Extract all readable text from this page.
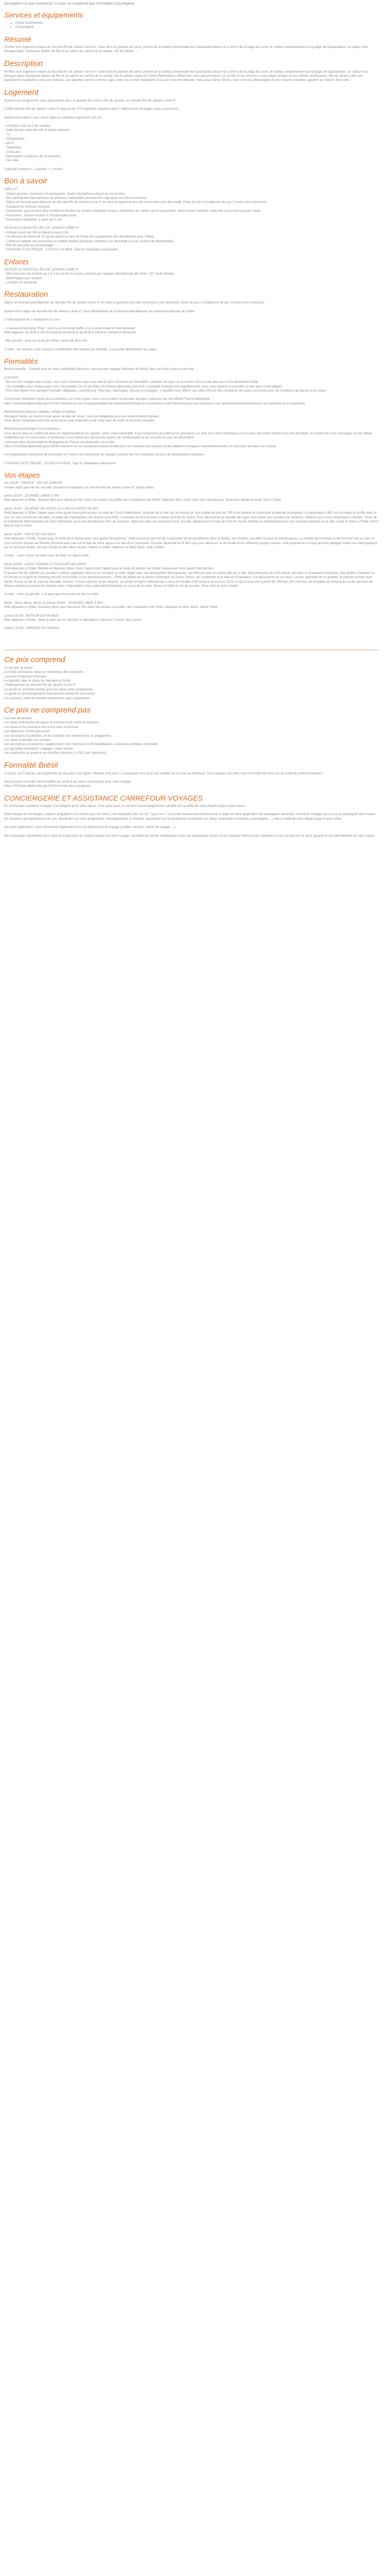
Description Ce prix comprend / Ce prix ne comprend pas Formalités Conciergerie

Services et équipements
• Guide francophone
• Conciergerie
Résumé

Profitez d'un logement unique au Novotel Rio de Janeiro Leme 4*, situé dans le quartier de Leme, proche de la célèbre promenade de Copacabana Beach et à 100 m de la plage de Leme, le meilleur emplacement sur la plage de Copacabana. Ce séjour vous plongera dans l'ambiance festive de Rio et sa culture au rythme de la samba ! De la célèbre ...

Description

Profitez d'un logement unique au Novotel Rio de Janeiro Leme 4*, situé dans le quartier de Leme, proche de la célèbre promenade de Copacabana Beach et à 100 m de la plage de Leme, le meilleur emplacement sur la plage de Copacabana. Ce séjour vous plongera dans l'ambiance festive de Rio et sa culture au rythme de la samba ! De la célèbre statue du Christ Rédempteur, offrant des vues panoramiques sur la ville et ses environs à ses plages dorées et ses collines verdoyantes, Rio de Janeiro offre une expérience inoubliable à tous ses visiteurs. Les quartiers animés comme Lapa, avec ses arches historiques et sa vie nocturne vibrante, mais aussi Santa Teresa, avec ses rues pittoresques et ses maisons colorées, ajoutent au charme de la ville !

Logement

Durant votre programme vous séjournerez dans le quartier de Leme à Rio de Janeiro, au Novotel Rio de Janeiro Leme 4*.

L'hôtel Novotel Rio de Janeiro Leme 4* dispose de 274 chambres réparties dans 1 bâtiment de 19 étages (avec ascenseur).

Durant votre séjour, vous serez logés en chambre supérieure (22 m²) :

- Lit Queen size ou 2 lits simples.
- Salle de bain avec douche et sèche-cheveux.
- TV.
- Climatisation.
- Wi-Fi.
- Téléphone.
- Coffre-fort.
- Nécessaire à repasser (fer et planche).
- Vue ville.

Capacité maximum : 2 adultes + 1 enfant.

Bon à savoir

CIRCUIT :
- Départ garantis, maximum 10 participants. Guide francophone durant les excursions.
- Des participants francophones de plusieurs nationalités peuvent être regroupés lors des excursions.
- Séjour en formule petit-déjeuner au Novotel Rio de Janeiro Leme 4* et selon programme lors des excursions (voir descriptif). Dîner du jour 4 et déjeuner du jour 5 inclus (hors boissons).
- Transport en véhicule climatisé.
- Programme type pouvant être modifié en fonction de certains impératifs locaux, néanmoins les visites seront respectées. Selon le jour d'arrivée, ordre des excursions pouvant varier.
- Pourboires : prévoir environ 5 USD/jour/personne.
- Excursions réalisables à partir de 5 ans.

SÉJOUR AU NOVOTEL RIO DE JANEIRO LEME 4* :
- Arrivée à partir de 14h et départ jusqu'à 12h.
- Le véhicule de moins de 15 kg est admis au sein de l'hôtel (en supplément, voir directement avec l'hôtel).
- L'hôtel est adapté aux personnes à mobilité réduite (quelques chambres sur demande et sous réserve de disponibilité).
- Prêt de serviette de piscine/plage.
- COURANT ELECTRIQUE : 127/220 V et 60Hz. Type N. Adaptateur nécessaire.

Enfants

SÉJOUR AU NOVOTEL RIO DE JANEIRO LEME 4* :
- Mini-club pour les enfants de 0 à 3 ans et de 3 à 6 ans, encadré par l'équipe internationale de l'hôtel, 7j/7, toute l'année.
- Bibliothèque pour enfants.
- Lit bébé sur demande.

Restauration

Séjour en formule petit-déjeuner au Novotel Rio de Janeiro Leme 4* et selon programme lors des excursions (voir descriptif). Dîner du jour 2 et déjeuner du jour 3 inclus (hors boissons).

Durant votre séjour au Novotel Rio de Janeiro Leme 4*, vous bénéficierez de la formule petit-déjeuner au restaurant principal de l'hôtel.

L'hôtel dispose de 1 restaurant et 1 bar :

- 1 restaurant principal "Poty", servi sous forme de buffet, à la cuisine locale et internationale.
Petit-déjeuner de 6h30 à 10h du lundi au vendredi et de 6h30 à 10h30 le samedi et dimanche.

- Bar piscine : situé sur le toit de l'hôtel, ouvert de 9h à 21h.

A noter : les horaires sont soumis à modification directement par l'hôtelier, à consulter directement sur place.

Formalités

Bonne nouvelle : Compte tenu de votre nationalité française, vous pouvez voyager librement au Brésil, que soit votre schéma vaccinal.

A NOTER
- En cas d'un voyage avec escale, nous vous informons que vous devrez être conforme aux formalités sanitaires du pays où se trouve votre escale ainsi que votre destination finale.
- Les modalités pour chaque pays sont consultables sur le site https://XXXwww.diplomatie.gouv.fr/fr/ L'actualité évoluant très régulièrement, nous vous invitons à consulter ce lien avant votre départ.
- Pour tout départ d'un aéroport frontalier (Belgique, Luxembourg, Pays-Bas, Allemagne, Suisse ou Espagne...), veuillez vous référer aux sites officiels des ministères des pays concernés pour les conditions de départ et de retour.

Concernant l'éventuel impact du Coronavirus sur votre séjour, nous vous invitons à consulter la page ci-dessous du site officiel France Diplomatie :
https://XXXwww.diplomatie.gouv.fr/fr/le-ministere-et-son-reseau/actualites-du-ministere/informations-coronavirus-covid-19/coronavirus-les-reponses-a-vos-questions/article/coronavirus-les-reponses-a-vos-questions

Ressortissants français (adultes, enfants et bébés) :
Passeport valide au moins 6 mois après la date de retour, visa non obligatoire pour les ressortissants français.
Vous devez impérativement être muni d'une carte d'identité ou de votre acte de sortie du territoire brésilien.

Ressortissant étrangers et bi-nationaux :
Vous devrez être en conformité avec les réglementations en vigueur, selon votre nationalité. Il est notamment possible qu'un passeport, un visa, une carte touristique ou tout autre document officiel vous soit demandé. Il convient de vous renseigner sur les délais d'obtention de ces documents et d'effectuer vous-même ses démarches auprès de l'ambassade ou du consulat du pays de destination.
L'annuaire des représentations étrangères en France est disponible via ce lien :
https://XXXwww.diplomatie.gouv.fr/fr/le-ministere-et-son-reseau/annuaires-et-adresses-du-ministere-de-l-europe-et-des-affaires-etrangeres-maee/ambassades-et-consulats-etrangers-en-france/

Il est également nécessaire de contracter en France une assurance de voyage couvrant les frais médicaux et ceux de rapatriement sanitaires.

COURANT ELECTRIQUE : 127/220 V et 60Hz. Type N. Adaptateur nécessaire.

Vos étapes

1er JOUR : FRANCE - RIO DE JANEIRO
Arrivée selon plan de vol. Accueil, transfert et installation au Novotel Rio de Janeiro Leme 4*. Repas libres.

2ème JOUR : JOURNÉE LIBRE À RIO
Petit-déjeuner à l'hôtel. Journée libre pour découvrir Rio selon vos envies ou profiter des installations de l'hôtel. Déjeuner libre. Dîner dans une churrascaria, restaurant barbecue local. Nuit à l'hôtel.

3ème JOUR : JOURNÉE DE VISITE À LA DÉCOUVERTE DE RIO
Petit-déjeuner à l'hôtel. Départ avec votre guide francophone pour la visite du Christ Rédempteur, symbole de la ville, qui se trouve sur une colline de plus de 700 m de hauteur et surplombe la baie de Guanabara. La panorama à 360° est à couper le souffle avec la vue sur une succession de baies, la plage de Copacabana, les favelas et la forêt. La montée se fera en train à travers la forêt de Tijuca. Puis, découverte du quartier de Lapa, arrêt photo aux escaliers de Selarons, célèbres pour leurs céramiques colorées. Visite de la Cathédrale Métropolitaine de Saint-Sébastien, qui a une architecture hors du commun. Déjeuner dans un restaurant local. Ensuite, départ pour la visite du Pain de Sucre, montée en téléphérique pour une vue panoramique de la ville, avant le retour à l'hôtel. Dîner libre et nuit à l'hôtel.

4ème JOUR : VISITE DE ROCINHA
Petit-déjeuner à l'hôtel. Départ pour la visite de la favela avec votre guide francophone. Cette excursion permet de comprendre la vie quotidienne dans la favela, son histoire, ses défis sociaux et économiques. La montée de la favela se fait en moto-taxi ou van, et vous pourrez évoluer au Mirante Rocinha avec vue sur la baie de votre séjour à la ville et le Corcovado. Ensuite, descente au fil des rues pour découvrir la vie locale et les différents projets sociaux. Une expérience en nous pourrez partager toutes vos interrogations sur la vie d'une favela, loin des clichés et des idées reçues. Retour à l'hôtel. Déjeuner et dîner libres. Nuit à l'hôtel.

A noter : selon le jour, la visite a lieu le matin ou l'après-midi.

5ème JOUR : SANTA TERESA ET ESCALIER SELARON
Petit-déjeuner à l'hôtel. Matinée et déjeuner libres. Dans l'après-midi, départ pour la visite du quartier de Santa Teresa avec votre guide francophone.
É quartier de Rio célèbre sur plusieurs collines (appelées Morros) et constitue un petit village avec une atmosphère décontractée, qui détonne avec le centre-ville de la ville. Des demeures du XIXe siècle, des bars et restaurants branchés, des ateliers d'artistes ou en encore et la ligne du tramway ont été conservées à son épanouissement... Point de départ de la maison historique de Santa Teresa, qui surplombe le la baie de Guanabara, à la découverte de ces lieux. Le plus agréable de ce quartier, le premier contact avec Santa Teresa se fait au haut de l'escalier Selaron. Il a été créé par Jorge Selarón, un artiste d'origine chilienne qui a vécu et travaillé à Rio jusqu'à sa mort en 2013, et qui a recouvert à partir de 1990 les 215 marches de l'escalier de céramiques et de carreaux de faïence colorés provenant du monde entier. Dégustation d'une spécialité brésilienne au cours de la visite. Retour à l'hôtel en fin de journée. Dîner libre et nuit à l'hôtel.

A noter : selon la période, il se peut que l'excursion ait lieu le matin.

6ème, 7ème, 8ème, 9ème et 10ème JOUR : JOURNÉE LIBRE À RIO
Petit-déjeuner à l'hôtel. Journées libres pour découvrir Rio selon vos envies ou profiter des installations de l'hôtel. Déjeuner et dîner libres. Nuit à l'hôtel.

11ème JOUR : RETOUR EN FRANCE
Petit-déjeuner à l'hôtel. Selon le plan de vol, transfert à l'aéroport et retour en France. Nuit à bord.

12ème JOUR : ARRIVÉE EN FRANCE

Ce prix comprend

Le vol aller et retour.

Le forfait assistance, taxes et redevances des aéroports.

L'accueil à l'aéroport d'arrivée.

Le transfert aller et retour de l'aéroport à l'hôtel.

L'hébergement au Novotel Rio de Janeiro Leme 4*.

Le circuit en chambre double avec les repas selon programme.

Le guide ou accompagnateur francophone durant les excursions.

Les services, listes et activités mentionnés sans supplément.

Ce prix ne comprend pas

Les frais de dossier.

Les taxes éventuelles de séjour et d'entrée et de sortie du territoire.

Les repas et les boissons non inclus dans la formule.

Les dépenses d'ordre personnel.

Les excursions facultatives, et les activités non mentionnées au programme.

Les repas éventuels aux escales.

Les assurances (assistance, rapatriement, frais médicaux et d'hospitalisation, assistance juridique et pénale).

Les garanties annulation, bagages, retard aérien.

Les pourboires au guide et au chauffeur (environ 5 USD/ jour/ personne).

Formalité Brésil

A ce jour, les Français sont dispensés de visa pour tout séjour inférieur à 90 jours. Le passeport doit avoir une validité de six mois au minimum. Tout voyageur doit être muni d'un billet de retour ou de sortie du territoire brésilien.

Vous pouvez consulter les formalités de santé et de police nécessaires pour votre voyage :
https://XXXwww.diplomatie.gouv.fr/fr/conseils-aux-voyageurs/

CONCIERGERIE ET ASSISTANCE CARREFOUR VOYAGES

En choisissant Carrefour Voyages Conciergerie pour votre séjour, vous optez pour un service d'accompagnement complet dès la veille de votre départ jusqu'à votre retour.

Notre équipe de concierges, experts, polyglottes et humains (pas de robot !) est disponible 24h sur 24, 7 jours sur 7 et à votre écoute exclusivement par le biais de notre application de messagerie sécurisée. Carrefour Voyages pour vous accompagner dans toutes les situations (enregistrement de vols, demandes sur votre programme, renseignements & conseils, assistance sur les problèmes rencontrés sur place, réservation d'activités, conciergerie, ...) dès la veille de votre départ jusqu'à votre retour.

Via notre application, vous retrouverez également tous vos documents de voyage (e-billet, voucher, carnet de voyage, ...).

Vos concierges deviennent ainsi votre principal point de contact durant tout votre voyage, travaillant en étroite collaboration avec nos partenaires locaux et nos équipes internes pour répondre à tous vos besoins et ainsi, garantir le bon déroulement de votre séjour.
